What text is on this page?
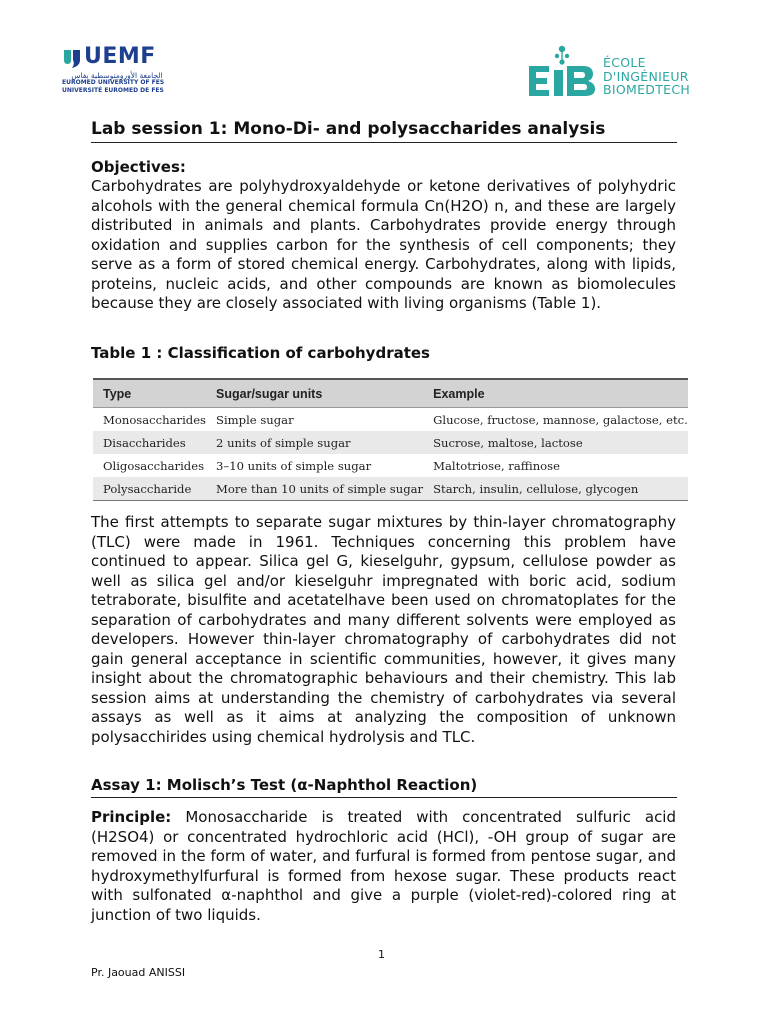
UEMF
الجامعة الأورومتوسطية بفاس
EUROMED UNIVERSITY OF FES
UNIVERSITÉ EUROMED DE FES
ÉCOLE
D'INGÉNIEUR
BIOMEDTECH
Lab session 1: Mono-Di- and polysaccharides analysis
Objectives:
Carbohydrates are polyhydroxyaldehyde or ketone derivatives of polyhydric alcohols with the general chemical formula Cn(H2O) n, and these are largely distributed in animals and plants. Carbohydrates provide energy through oxidation and supplies carbon for the synthesis of cell components; they serve as a form of stored chemical energy. Carbohydrates, along with lipids, proteins, nucleic acids, and other compounds are known as biomolecules because they are closely associated with living organisms (Table 1).
Table 1 : Classification of carbohydrates
Type	Sugar/sugar units	Example
Monosaccharides	Simple sugar	Glucose, fructose, mannose, galactose, etc.
Disaccharides	2 units of simple sugar	Sucrose, maltose, lactose
Oligosaccharides	3–10 units of simple sugar	Maltotriose, raffinose
Polysaccharide	More than 10 units of simple sugar	Starch, insulin, cellulose, glycogen
The first attempts to separate sugar mixtures by thin-layer chromatography (TLC) were made in 1961. Techniques concerning this problem have continued to appear. Silica gel G, kieselguhr, gypsum, cellulose powder as well as silica gel and/or kieselguhr impregnated with boric acid, sodium tetraborate, bisulfite and acetatelhave been used on chromatoplates for the separation of carbohydrates and many different solvents were employed as developers. However thin-layer chromatography of carbohydrates did not gain general acceptance in scientific communities, however, it gives many insight about the chromatographic behaviours and their chemistry. This lab session aims at understanding the chemistry of carbohydrates via several assays as well as it aims at analyzing the composition of unknown polysacchirides using chemical hydrolysis and TLC.
Assay 1: Molisch’s Test (α-Naphthol Reaction)
Principle: Monosaccharide is treated with concentrated sulfuric acid (H2SO4) or concentrated hydrochloric acid (HCl), -OH group of sugar are removed in the form of water, and furfural is formed from pentose sugar, and hydroxymethylfurfural is formed from hexose sugar. These products react with sulfonated α-naphthol and give a purple (violet-red)-colored ring at junction of two liquids.
1
Pr. Jaouad ANISSI
